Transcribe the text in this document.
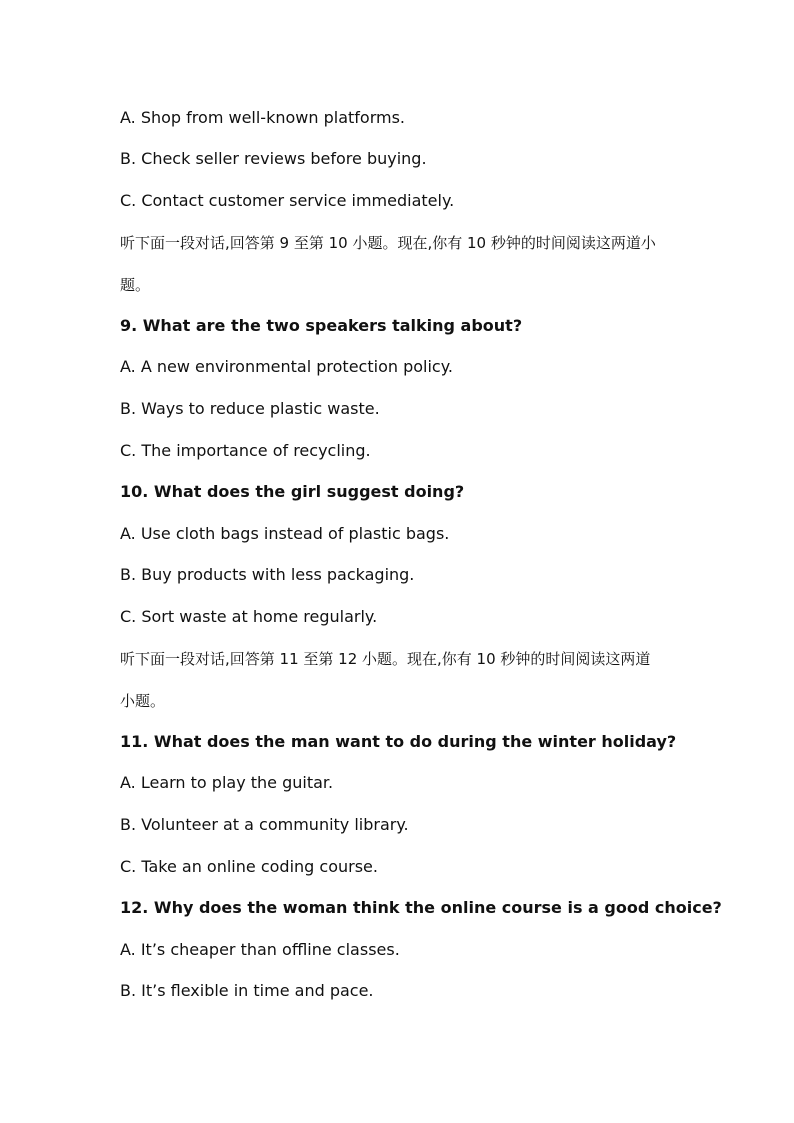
A. Shop from well-known platforms.
B. Check seller reviews before buying.
C. Contact customer service immediately.
听下面一段对话,回答第 9 至第 10 小题。现在,你有 10 秒钟的时间阅读这两道小
题。
9. What are the two speakers talking about?
A. A new environmental protection policy.
B. Ways to reduce plastic waste.
C. The importance of recycling.
10. What does the girl suggest doing?
A. Use cloth bags instead of plastic bags.
B. Buy products with less packaging.
C. Sort waste at home regularly.
听下面一段对话,回答第 11 至第 12 小题。现在,你有 10 秒钟的时间阅读这两道
小题。
11. What does the man want to do during the winter holiday?
A. Learn to play the guitar.
B. Volunteer at a community library.
C. Take an online coding course.
12. Why does the woman think the online course is a good choice?
A. It’s cheaper than offline classes.
B. It’s flexible in time and pace.
